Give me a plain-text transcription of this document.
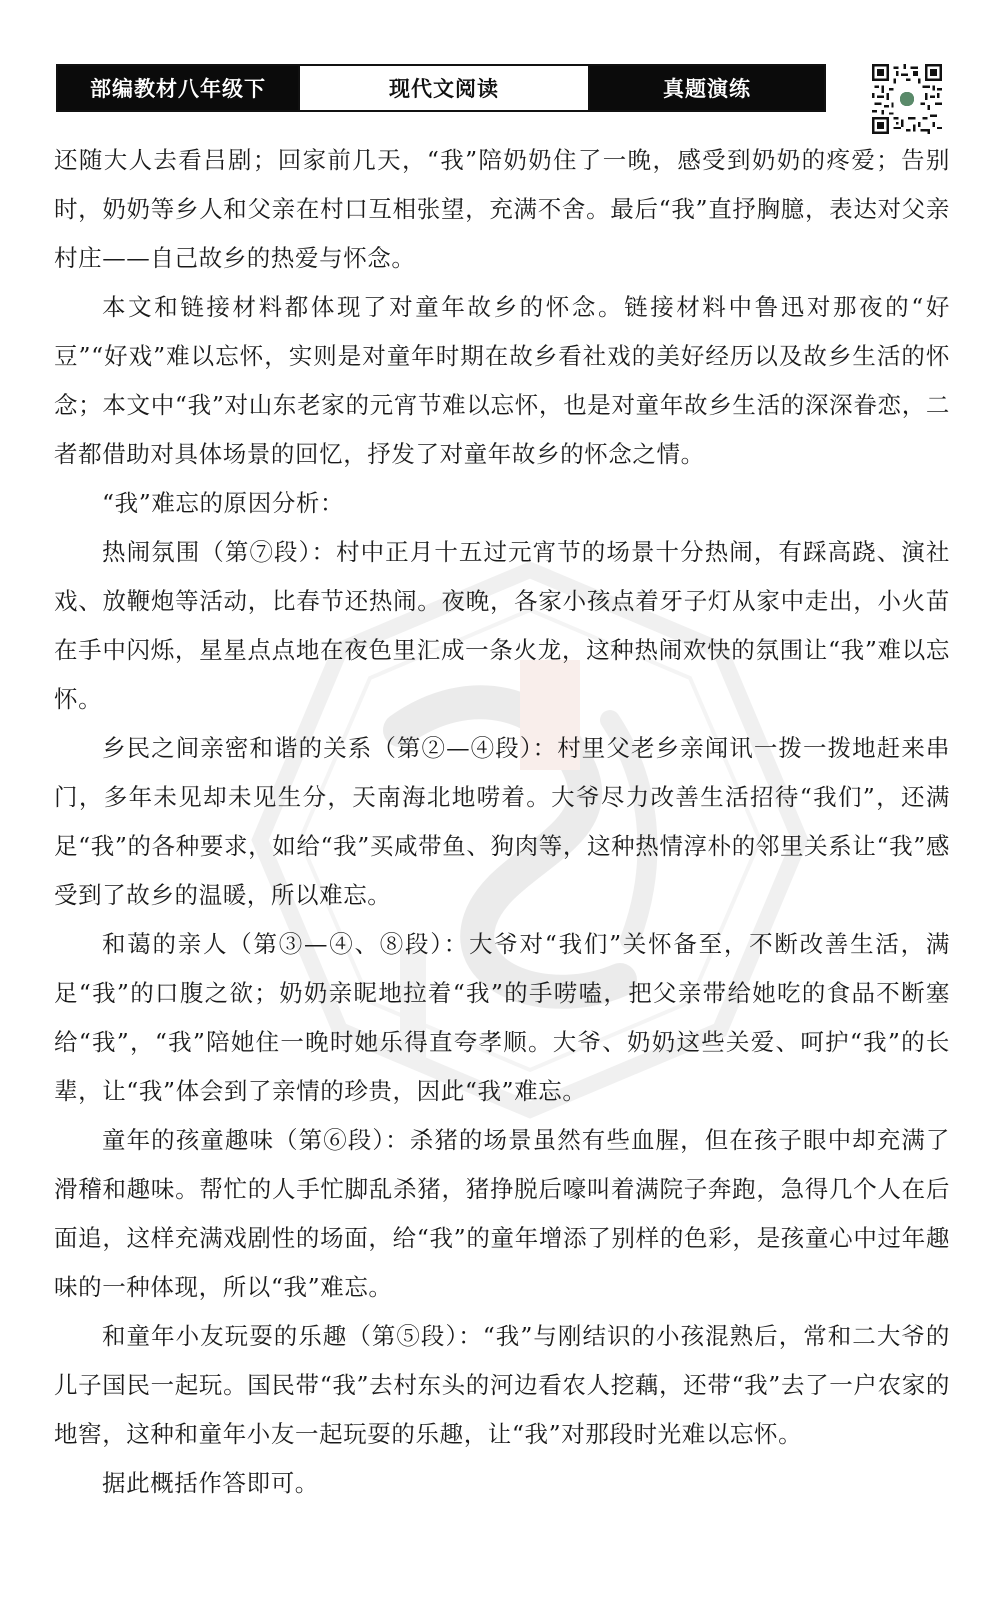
部编教材八年级下	现代文阅读	真题演练

还随大人去看吕剧；回家前几天，“我”陪奶奶住了一晚，感受到奶奶的疼爱；告别时，奶奶等乡人和父亲在村口互相张望，充满不舍。最后“我”直抒胸臆，表达对父亲村庄——自己故乡的热爱与怀念。

本文和链接材料都体现了对童年故乡的怀念。链接材料中鲁迅对那夜的“好豆”“好戏”难以忘怀，实则是对童年时期在故乡看社戏的美好经历以及故乡生活的怀念；本文中“我”对山东老家的元宵节难以忘怀，也是对童年故乡生活的深深眷恋，二者都借助对具体场景的回忆，抒发了对童年故乡的怀念之情。

“我”难忘的原因分析：

热闹氛围（第⑦段）：村中正月十五过元宵节的场景十分热闹，有踩高跷、演社戏、放鞭炮等活动，比春节还热闹。夜晚，各家小孩点着牙子灯从家中走出，小火苗在手中闪烁，星星点点地在夜色里汇成一条火龙，这种热闹欢快的氛围让“我”难以忘怀。

乡民之间亲密和谐的关系（第②—④段）：村里父老乡亲闻讯一拨一拨地赶来串门，多年未见却未见生分，天南海北地唠着。大爷尽力改善生活招待“我们”，还满足“我”的各种要求，如给“我”买咸带鱼、狗肉等，这种热情淳朴的邻里关系让“我”感受到了故乡的温暖，所以难忘。

和蔼的亲人（第③—④、⑧段）：大爷对“我们”关怀备至，不断改善生活，满足“我”的口腹之欲；奶奶亲昵地拉着“我”的手唠嗑，把父亲带给她吃的食品不断塞给“我”，“我”陪她住一晚时她乐得直夸孝顺。大爷、奶奶这些关爱、呵护“我”的长辈，让“我”体会到了亲情的珍贵，因此“我”难忘。

童年的孩童趣味（第⑥段）：杀猪的场景虽然有些血腥，但在孩子眼中却充满了滑稽和趣味。帮忙的人手忙脚乱杀猪，猪挣脱后嚎叫着满院子奔跑，急得几个人在后面追，这样充满戏剧性的场面，给“我”的童年增添了别样的色彩，是孩童心中过年趣味的一种体现，所以“我”难忘。

和童年小友玩耍的乐趣（第⑤段）：“我”与刚结识的小孩混熟后，常和二大爷的儿子国民一起玩。国民带“我”去村东头的河边看农人挖藕，还带“我”去了一户农家的地窖，这种和童年小友一起玩耍的乐趣，让“我”对那段时光难以忘怀。

据此概括作答即可。
